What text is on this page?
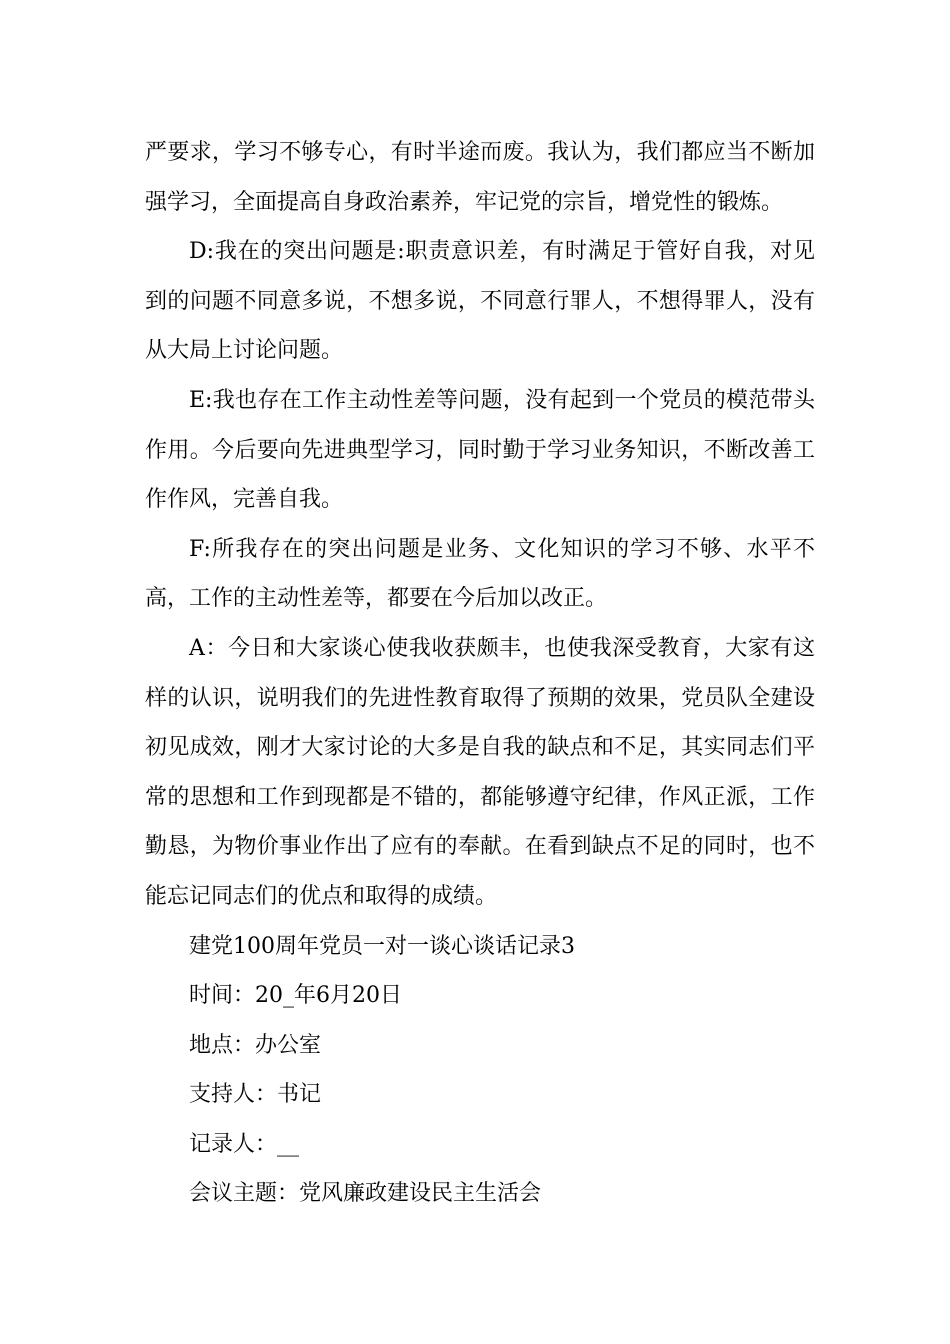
严要求，学习不够专心，有时半途而废。我认为，我们都应当不断加强学习，全面提高自身政治素养，牢记党的宗旨，增党性的锻炼。

D:我在的突出问题是:职责意识差，有时满足于管好自我，对见到的问题不同意多说，不想多说，不同意行罪人，不想得罪人，没有从大局上讨论问题。

E:我也存在工作主动性差等问题，没有起到一个党员的模范带头作用。今后要向先进典型学习，同时勤于学习业务知识，不断改善工作作风，完善自我。

F:所我存在的突出问题是业务、文化知识的学习不够、水平不高，工作的主动性差等，都要在今后加以改正。

A：今日和大家谈心使我收获颇丰，也使我深受教育，大家有这样的认识，说明我们的先进性教育取得了预期的效果，党员队全建设初见成效，刚才大家讨论的大多是自我的缺点和不足，其实同志们平常的思想和工作到现都是不错的，都能够遵守纪律，作风正派，工作勤恳，为物价事业作出了应有的奉献。在看到缺点不足的同时，也不能忘记同志们的优点和取得的成绩。

建党100周年党员一对一谈心谈话记录3

时间：20_年6月20日

地点：办公室

支持人：书记

记录人：__

会议主题：党风廉政建设民主生活会
